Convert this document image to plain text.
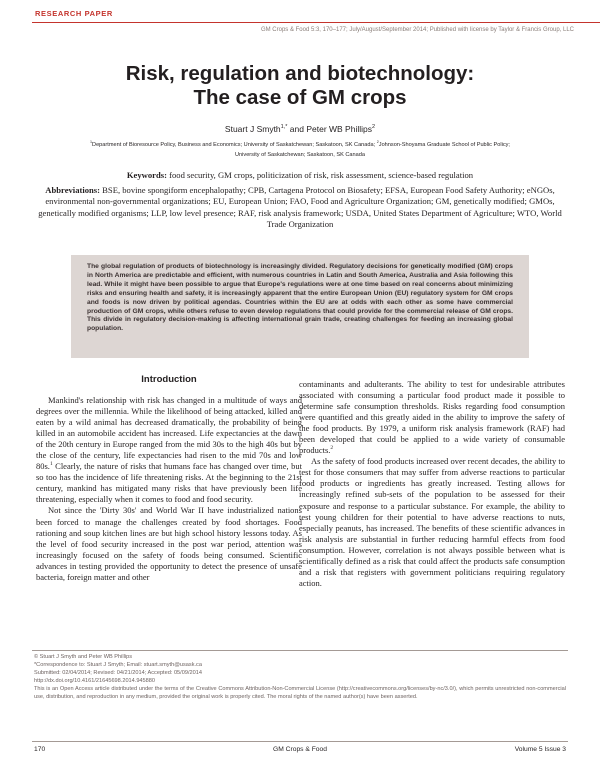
RESEARCH PAPER
GM Crops & Food 5:3, 170–177; July/August/September 2014; Published with license by Taylor & Francis Group, LLC
Risk, regulation and biotechnology:
The case of GM crops
Stuart J Smyth$^{1,*}$ and Peter WB Phillips$^2$
$^1$Department of Bioresource Policy, Business and Economics; University of Saskatchewan; Saskatoon, SK Canada; $^2$Johnson-Shoyama Graduate School of Public Policy;
University of Saskatchewan; Saskatoon, SK Canada
Keywords: food security, GM crops, politicization of risk, risk assessment, science-based regulation
Abbreviations: BSE, bovine spongiform encephalopathy; CPB, Cartagena Protocol on Biosafety; EFSA, European Food Safety Authority; eNGOs, environmental non-governmental organizations; EU, European Union; FAO, Food and Agriculture Organization; GM, genetically modified; GMOs, genetically modified organisms; LLP, low level presence; RAF, risk analysis framework; USDA, United States Department of Agriculture; WTO, World Trade Organization
The global regulation of products of biotechnology is increasingly divided. Regulatory decisions for genetically modified (GM) crops in North America are predictable and efficient, with numerous countries in Latin and South America, Australia and Asia following this lead. While it might have been possible to argue that Europe's regulations were at one time based on real concerns about minimizing risks and ensuring health and safety, it is increasingly apparent that the entire European Union (EU) regulatory system for GM crops and foods is now driven by political agendas. Countries within the EU are at odds with each other as some have commercial production of GM crops, while others refuse to even develop regulations that could provide for the commercial release of GM crops. This divide in regulatory decision-making is affecting international grain trade, creating challenges for feeding an increasing global population.
Introduction

Mankind's relationship with risk has changed in a multitude of ways and degrees over the millennia. While the likelihood of being attacked, killed and eaten by a wild animal has decreased dramatically, the probability of being killed in an automobile accident has increased. Life expectancies at the dawn of the 20th century in Europe ranged from the mid 30s to the high 40s but by the close of the century, life expectancies had risen to the mid 70s and low 80s.$^1$ Clearly, the nature of risks that humans face has changed over time, but so too has the incidence of life threatening risks. At the beginning to the 21st century, mankind has mitigated many risks that have previously been life threatening, especially when it comes to food and food security.

Not since the 'Dirty 30s' and World War II have industrialized nations been forced to manage the challenges created by food shortages. Food rationing and soup kitchen lines are but high school history lessons today. As the level of food security increased in the post war period, attention was increasingly focused on the safety of foods being consumed. Scientific advances in testing provided the opportunity to detect the presence of unsafe bacteria, foreign matter and other

contaminants and adulterants. The ability to test for undesirable attributes associated with consuming a particular food product made it possible to determine safe consumption thresholds. Risks regarding food consumption were quantified and this greatly aided in the ability to improve the safety of the food products. By 1979, a uniform risk analysis framework (RAF) had been developed that could be applied to a wide variety of consumable products.$^2$

As the safety of food products increased over recent decades, the ability to test for those consumers that may suffer from adverse reactions to particular food products or ingredients has greatly increased. Testing allows for increasingly refined sub-sets of the population to be assessed for their exposure and response to a particular substance. For example, the ability to test young children for their potential to have adverse reactions to nuts, especially peanuts, has increased. The benefits of these scientific advances in risk analysis are substantial in further reducing harmful effects from food consumption. However, correlation is not always possible between what is scientifically defined as a risk that could affect the products safe consumption and a risk that registers with government politicians requiring regulatory action.

© Stuart J Smyth and Peter WB Phillips
*Correspondence to: Stuart J Smyth; Email: stuart.smyth@usask.ca
Submitted: 02/04/2014; Revised: 04/21/2014; Accepted: 05/09/2014
http://dx.doi.org/10.4161/21645698.2014.945880
This is an Open Access article distributed under the terms of the Creative Commons Attribution-Non-Commercial License (http://creativecommons.org/licenses/by-nc/3.0/), which permits unrestricted non-commercial use, distribution, and reproduction in any medium, provided the original work is properly cited. The moral rights of the named author(s) have been asserted.
170	GM Crops & Food	Volume 5 Issue 3
